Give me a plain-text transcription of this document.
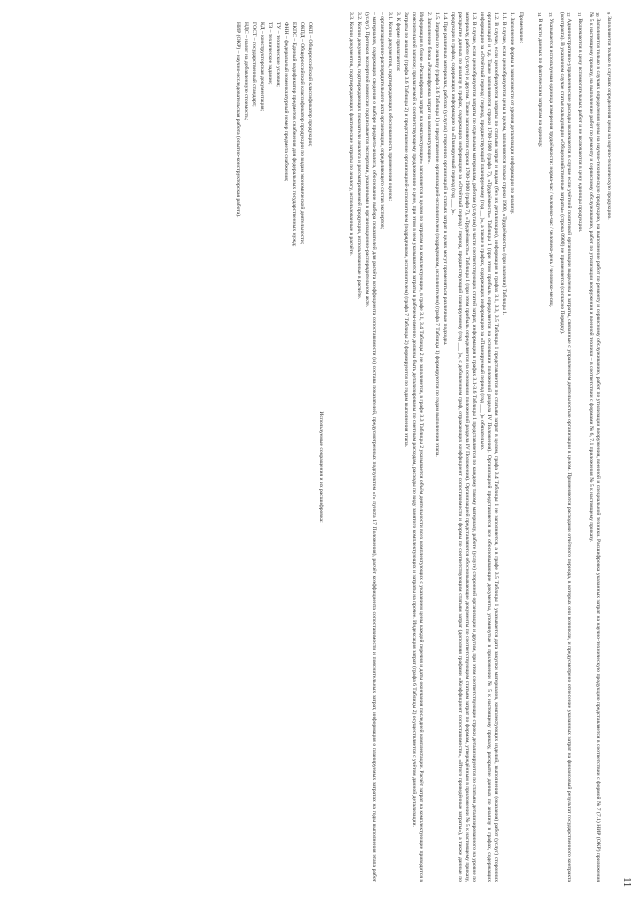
11

$^9$Заполняется только в случаях определения цены на научно-техническую продукцию.

$^{10}$Заполняется только в случаях определения цены на научно-техническую продукцию, на выполнение работ по ремонту и сервисному обслуживанию, работ по утилизации вооружения, военной и специальной техники. Расшифровка указанных затрат на научно-техническую продукцию представляется в соответствии с формой № 7 (7.1) НИР (ОКР) приложения № 5 к настоящему приказу, на выполнение работ по ремонту и сервисному обслуживанию, работ по утилизации вооружения и военной техники – в соответствии с формами № 6, 7.1 приложения № 5 к настоящему приказу.

$^{11}$Включаются в цену вспомогательных работ и не включаются в цену единицы продукции.

$^{12}$Административно-управленческие расходы включаются в случае если учётной политикой организации выделены в затраты, связанные с управлением деятельностью организации в целом. Применяются расходами отчётного периода, в которых они возникли, и предусмотрено отнесение указанных затрат на финансовый результат государственного контракта (контракта). В указанном случае статья калькуляции «Общехозяйственные затраты» (строка 0900) не применяется (согласно Порядку).

$^{13}$Указывается используемая единица измерения трудоёмкости: норма-час / человеко-час / человеко-день / человеко-месяц.

$^{14}$В части данных по фактическим затратам на единицу.

Примечание:

1. Заполнение формы в зависимости от уровня детализации информации по анализу.

1.1. В случае, если ценообразуются цены в целом, заполняются только строки 1900, «Трудоёмкость» (при наличии) Таблицы 1.

1.2. В случае, если ценообразуются затраты по статьям затрат и видам (без их детализации), информация в графах 3.1, 3.3, 3.5 Таблицы 1 представляется по статьям затрат в целом, графа 3.4 Таблицы 1 не заполняется, а в графе 3.5 Таблицы 1 указывается дата закупки материалов, комплектующих изделий, выполнения (оказания) работ (услуг) сторонних организаций и т.д. Также заполняются строки 1700-1900 (графа 7), «Трудоёмкость» Таблицы 1 (при этом прибыль определяется на основании положений раздела IV Положения). Организацией представляется все обосновывающие документы, упомянутые в приложении № 5 к настоящему приказу, раскрытие данных по анализу в графах, содержащих информацию за «Отчётный период / период, предшествующий планируемому (год __ )», а также в графах, содержащих информацию за «Планируемый период (год ___ )» обязательно.

1.3. В случае, если ценообразуются затраты по отдельным материалам, работам (услугам) в части соответствующих статей затрат, информация в графах 3.1-3.6 Таблицы 1 представляется по каждому такому материалу, работе (услуге) сторонней организации и другим, при этом соответствующие строки детализируются по статьям детализированного на уровне по материалу, работе (услуге) и другим. Также заполняются строки 1700-1900 (графа 7), «Трудоёмкость» Таблицы 1 (при этом прибыль определяется на основании положений раздела IV Положения). Организацией представляются обосновывающие документы по соответствующим статьям затрат по формам, утверждённым в приложении № 5 к настоящему приказу, раскрытие данных по анализу в графах, содержащих информацию за «Отчётный период / период, предшествующий планируемому (год ___ )», с добавлением граф, отражающих коэффициент сопоставимости и формы по соответствующим статьям затрат (дополняя графами «Коэффициент сопоставимости», «Итого приведённые затраты»), а также данные по продукции в графах, содержащих информацию за «Планируемый период (год ___ )».

1.4. При различных материалах, работах (услугах) сторонних организаций в статьях затрат в целях могут применяться различные подходы.

1.5. Затраты по анализу (графа 3.6 Таблицы 1) и представление организацией-исполнителем (подрядчиком, исполнителем) (графа 7 Таблицы 1) формируются по годам выполнения этапа.

2. Заполнение блока «Расшифровка затрат на комплектующие».

Информация в блоке «Расшифровка затрат на комплектующие» заполняется в целом по затратам на комплектующие, в графе 3.1, 3.4 Таблицы 2 не заполняется, в графе 3.3 Таблицы 2 указывается объём деятельности всех комплектующих с указанием цены каждой перечня и даты окончания последней комплектации. Расчёт затрат на комплектующие приводится в пояснительной записке; прилагаемой к соответствующему предложению о цене, при этом в нем указываются затраты в рабочем-именно должны быть детализированы по сметным расходам, расходы по виду занятого комплектующих и затраты на прочее. Индексация затрат (графа 6 Таблицы 2) осуществляется с учётом данной детализации.

Затраты по анализу (графа 3.6 Таблицы 2) и представление организацией-исполнителем (подрядчиком, исполнителем) (графа 7 Таблицы 2) формируются по годам выполнения этапа.

3. К форме прилагаются:

3.1. Копии документов, подтверждающих обоснованность применения оценок:

– организационно-распорядительного акта организации, определяющего состав экспертов;

– материалов, содержащих сведения о выборе предмета-аналога, обоснование выбора показателей для расчёта коэффициента сопоставимости (и) состава показателей, предусмотренных подпунктом «г» пункта 17 Положения), расчёт коэффициента сопоставимости и пояснительных затрат, информация о планируемых затратах на годы выполнения этапа работ (услуг). Протокол экспертной комиссии подписывается экспертами, указанными в организационно-распорядительном акте.

3.2. Копии документов, подтверждающих показатели аналога и рассматриваемой продукции, использованные в расчёте.

3.3. Копии документов, подтверждающих фактические затраты по аналогу, использованные в расчёте.

Используемые сокращения и их расшифровка:

ОКП – Общероссийский классификатор продукции;

ОКПД – Общероссийский классификатор продукции по видам экономической деятельности;

ЕКПС – Единый кодификатор предметов снабжения для федеральных государственных нужд;

ФНН – федеральный номенклатурный номер предмета снабжения;

ТУ – технические условия;

ТЗ – техническое задание;

КД – конструкторская документация;

ГОСТ – государственный стандарт;

НДС – налог на добавленную стоимость;

НИР (ОКР) – научно-исследовательская работа (опытно-конструкторская работа).
